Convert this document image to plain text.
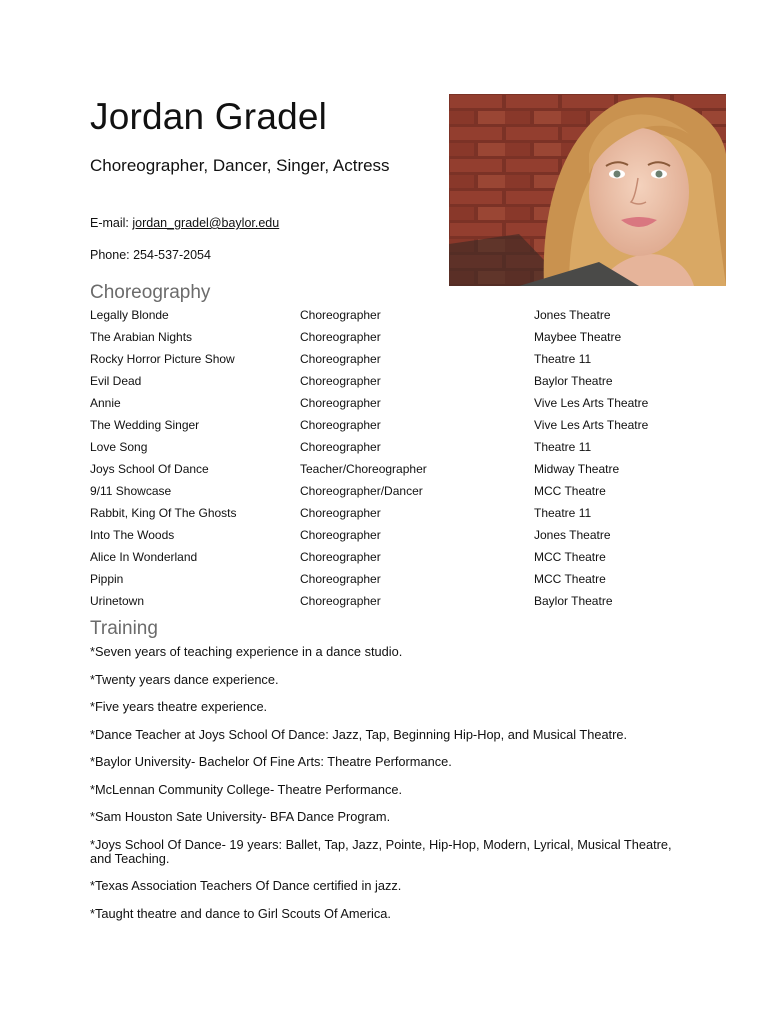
Jordan Gradel
Choreographer, Dancer, Singer, Actress
E-mail: jordan_gradel@baylor.edu
Phone: 254-537-2054
Choreography
Legally Blonde	Choreographer	Jones Theatre
The Arabian Nights	Choreographer	Maybee Theatre
Rocky Horror Picture Show	Choreographer	Theatre 11
Evil Dead	Choreographer	Baylor Theatre
Annie	Choreographer	Vive Les Arts Theatre
The Wedding Singer	Choreographer	Vive Les Arts Theatre
Love Song	Choreographer	Theatre 11
Joys School Of Dance	Teacher/Choreographer	Midway Theatre
9/11 Showcase	Choreographer/Dancer	MCC Theatre
Rabbit, King Of The Ghosts	Choreographer	Theatre 11
Into The Woods	Choreographer	Jones Theatre
Alice In Wonderland	Choreographer	MCC Theatre
Pippin	Choreographer	MCC Theatre
Urinetown	Choreographer	Baylor Theatre
Training

*Seven years of teaching experience in a dance studio.

*Twenty years dance experience.

*Five years theatre experience.

*Dance Teacher at Joys School Of Dance: Jazz, Tap, Beginning Hip-Hop, and Musical Theatre.

*Baylor University- Bachelor Of Fine Arts: Theatre Performance.

*McLennan Community College- Theatre Performance.

*Sam Houston Sate University- BFA Dance Program.

*Joys School Of Dance- 19 years: Ballet, Tap, Jazz, Pointe, Hip-Hop, Modern, Lyrical, Musical Theatre, and Teaching.

*Texas Association Teachers Of Dance certified in jazz.

*Taught theatre and dance to Girl Scouts Of America.
